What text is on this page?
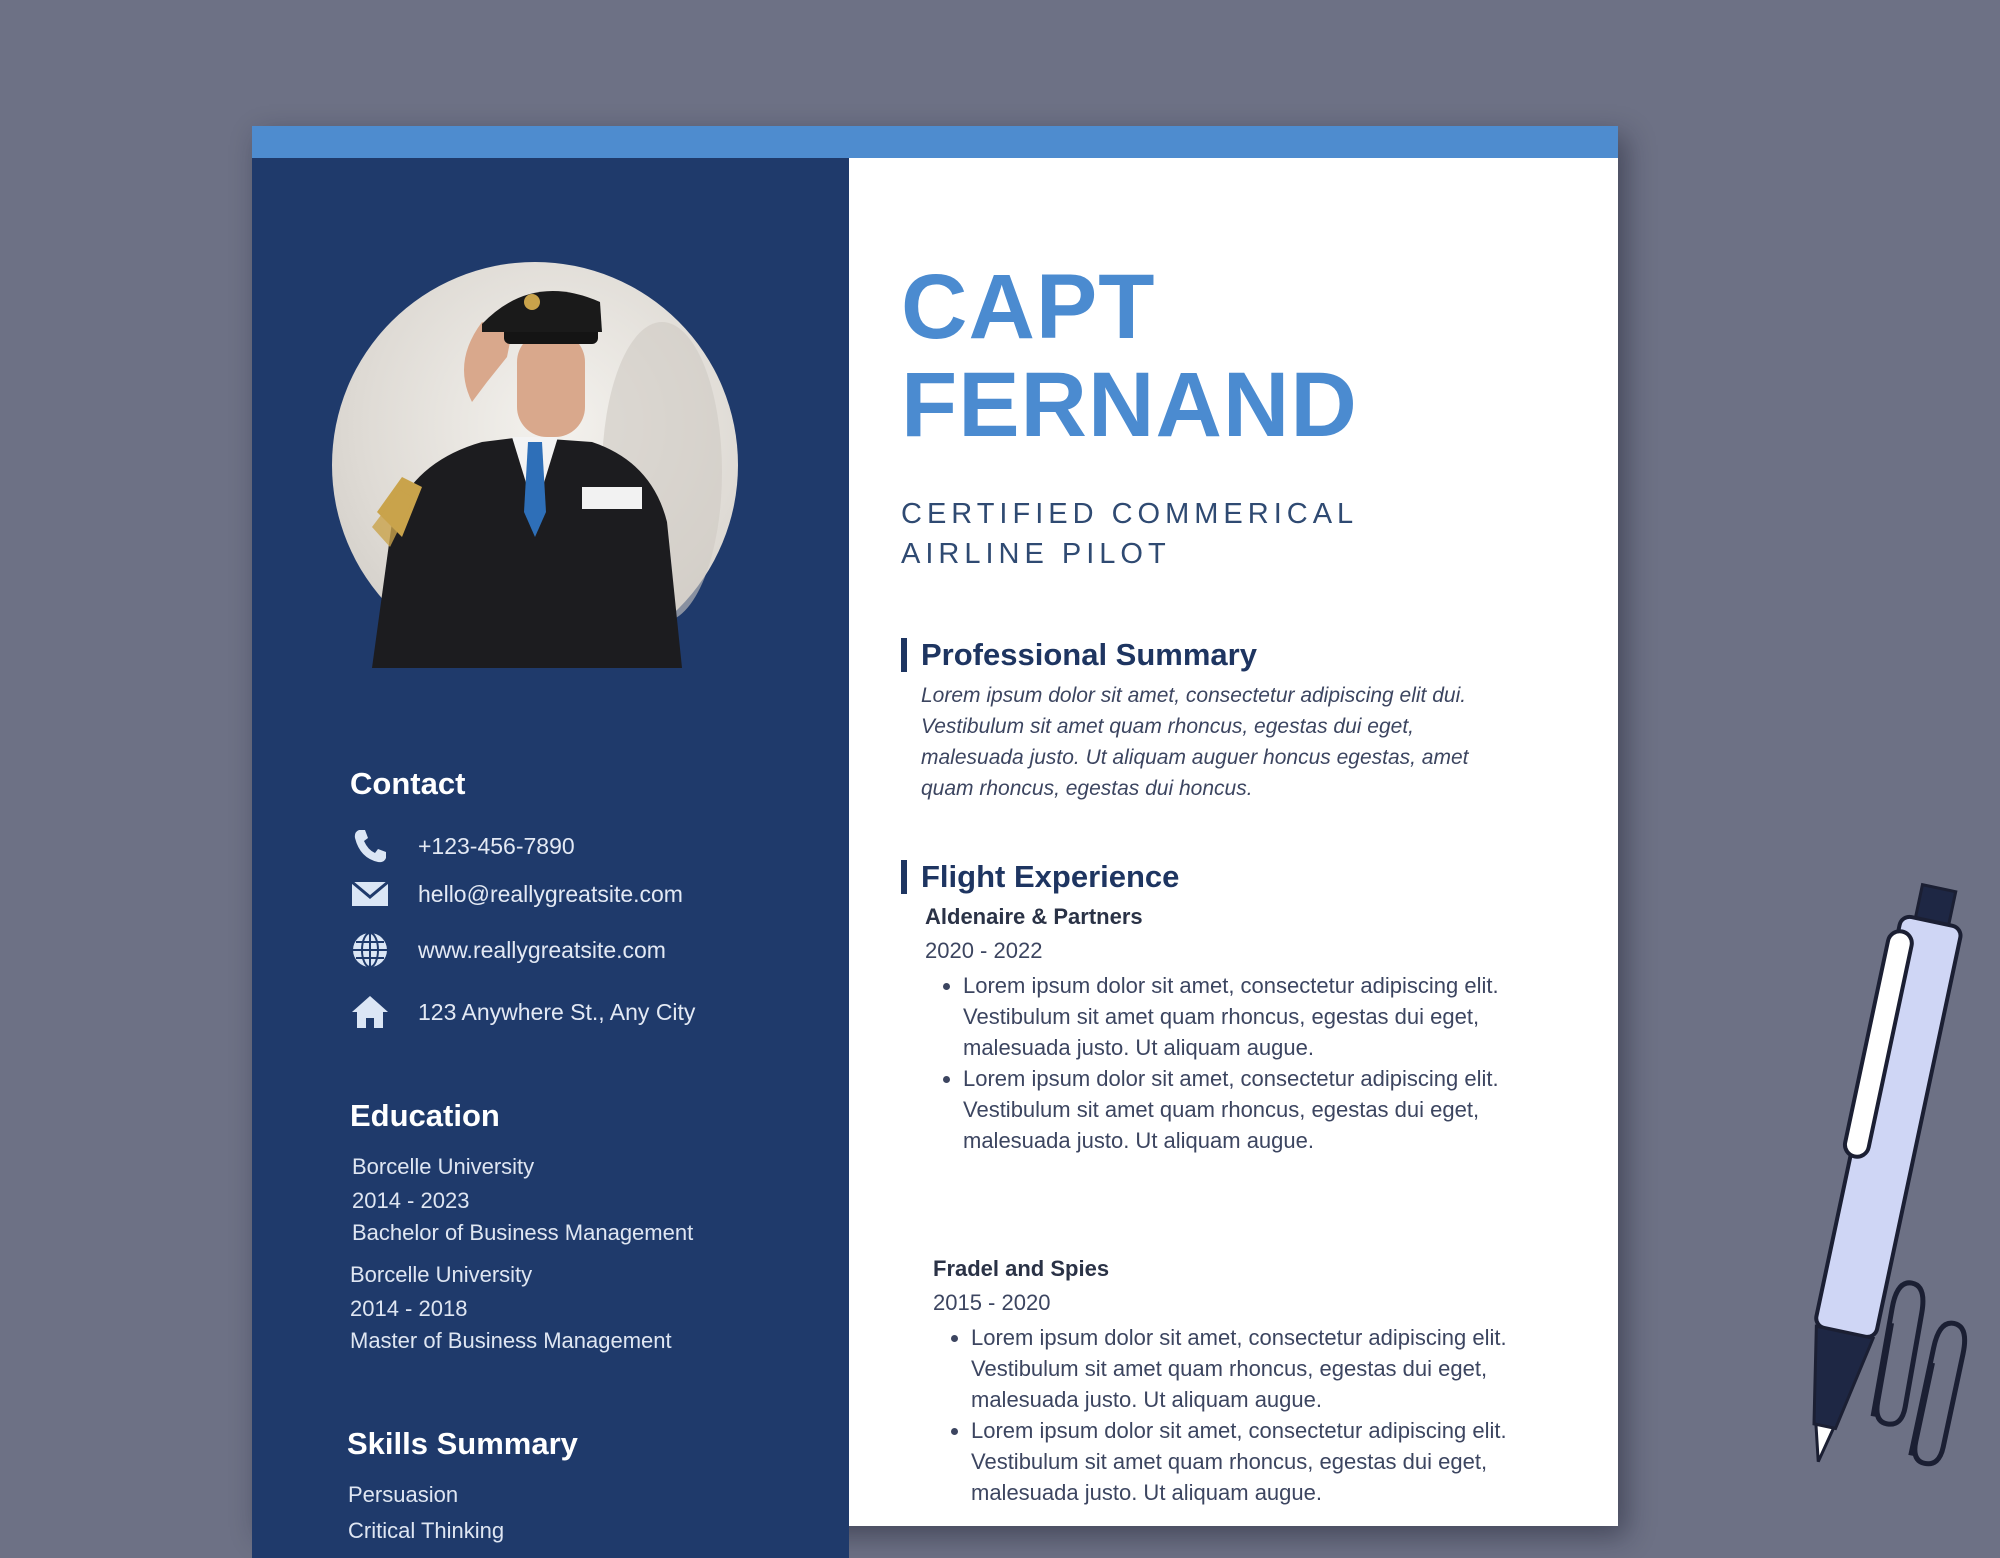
Contact
+123-456-7890
hello@reallygreatsite.com
www.reallygreatsite.com
123 Anywhere St., Any City
Education
Borcelle University
2014 - 2023
Bachelor of Business Management
Borcelle University
2014 - 2018
Master of Business Management
Skills Summary
Persuasion
Critical Thinking
CAPT
FERNAND

CERTIFIED COMMERICAL
AIRLINE PILOT

Professional Summary

Lorem ipsum dolor sit amet, consectetur adipiscing elit dui. Vestibulum sit amet quam rhoncus, egestas dui eget, malesuada justo. Ut aliquam auguer honcus egestas, amet quam rhoncus, egestas dui honcus.

Flight Experience

Aldenaire & Partners

2020 - 2022

• Lorem ipsum dolor sit amet, consectetur adipiscing elit. Vestibulum sit amet quam rhoncus, egestas dui eget, malesuada justo. Ut aliquam augue.
• Lorem ipsum dolor sit amet, consectetur adipiscing elit. Vestibulum sit amet quam rhoncus, egestas dui eget, malesuada justo. Ut aliquam augue.

Fradel and Spies

2015 - 2020

• Lorem ipsum dolor sit amet, consectetur adipiscing elit. Vestibulum sit amet quam rhoncus, egestas dui eget, malesuada justo. Ut aliquam augue.
• Lorem ipsum dolor sit amet, consectetur adipiscing elit. Vestibulum sit amet quam rhoncus, egestas dui eget, malesuada justo. Ut aliquam augue.
